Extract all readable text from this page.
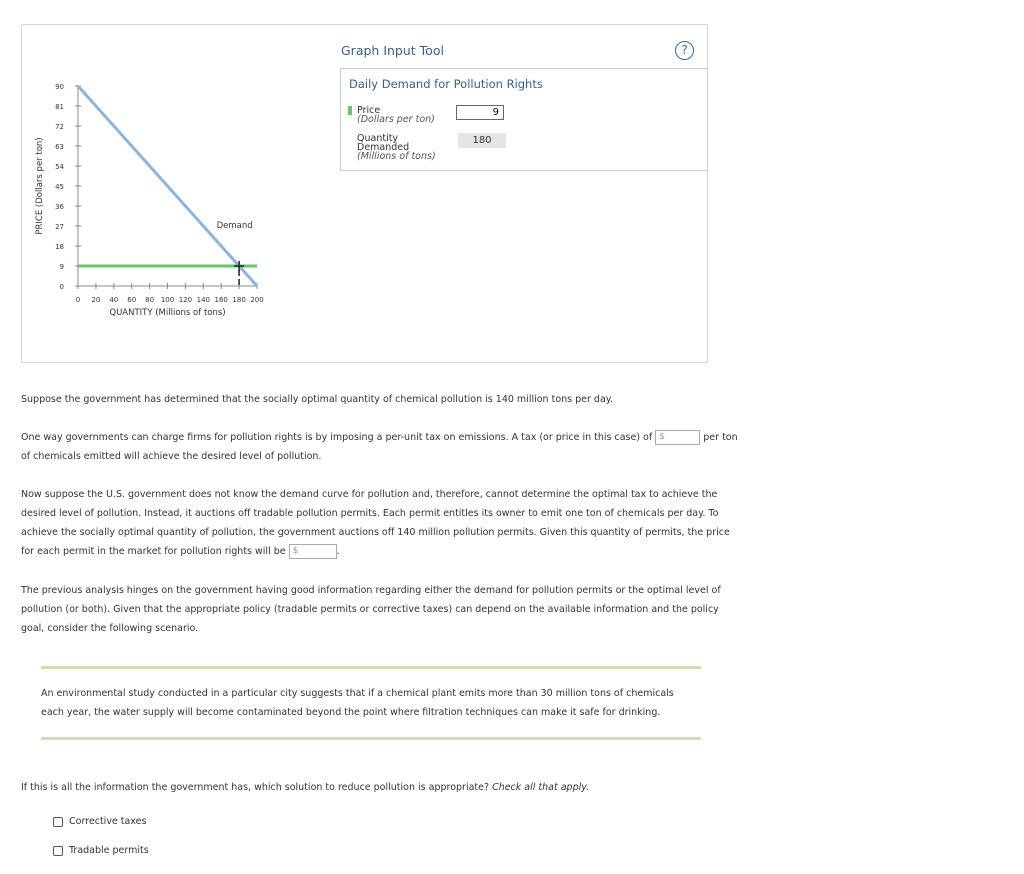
0
9
18
27
36
45
54
63
72
81
90
0 20 40 60 80 100 120 140 160 180 200
QUANTITY (Millions of tons)
PRICE (Dollars per ton)	Demand
Graph Input Tool	?
Daily Demand for Pollution Rights
Price
(Dollars per ton)
9
Quantity
Demanded
(Millions of tons)
180

Suppose the government has determined that the socially optimal quantity of chemical pollution is 140 million tons per day.

One way governments can charge firms for pollution rights is by imposing a per-unit tax on emissions. A tax (or price in this case) of $	per ton
of chemicals emitted will achieve the desired level of pollution.

Now suppose the U.S. government does not know the demand curve for pollution and, therefore, cannot determine the optimal tax to achieve the
desired level of pollution. Instead, it auctions off tradable pollution permits. Each permit entitles its owner to emit one ton of chemicals per day. To
achieve the socially optimal quantity of pollution, the government auctions off 140 million pollution permits. Given this quantity of permits, the price
for each permit in the market for pollution rights will be $	.

The previous analysis hinges on the government having good information regarding either the demand for pollution permits or the optimal level of
pollution (or both). Given that the appropriate policy (tradable permits or corrective taxes) can depend on the available information and the policy
goal, consider the following scenario.

An environmental study conducted in a particular city suggests that if a chemical plant emits more than 30 million tons of chemicals
each year, the water supply will become contaminated beyond the point where filtration techniques can make it safe for drinking.

If this is all the information the government has, which solution to reduce pollution is appropriate? Check all that apply.

Corrective taxes
Tradable permits
